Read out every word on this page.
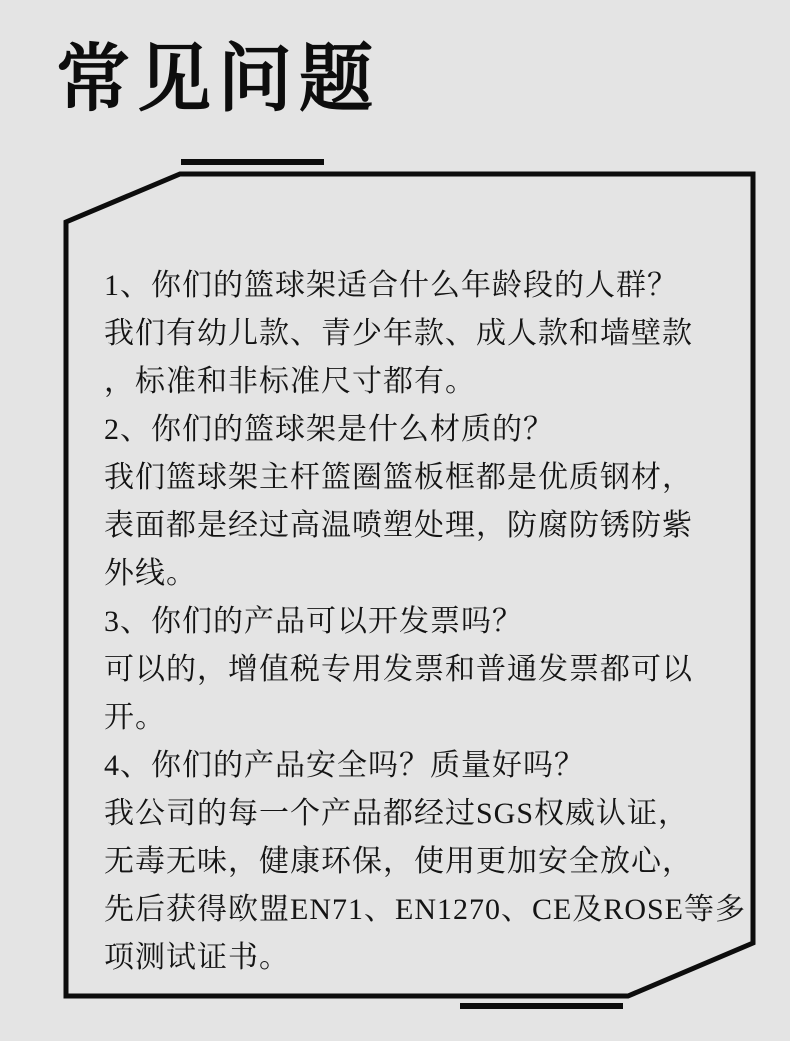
常见问题
1、你们的篮球架适合什么年龄段的人群？
我们有幼儿款、青少年款、成人款和墙壁款
，标准和非标准尺寸都有。
2、你们的篮球架是什么材质的？
我们篮球架主杆篮圈篮板框都是优质钢材，
表面都是经过高温喷塑处理，防腐防锈防紫
外线。
3、你们的产品可以开发票吗？
可以的，增值税专用发票和普通发票都可以
开。
4、你们的产品安全吗？质量好吗？
我公司的每一个产品都经过SGS权威认证，
无毒无味，健康环保，使用更加安全放心，
先后获得欧盟EN71、EN1270、CE及ROSE等多
项测试证书。
